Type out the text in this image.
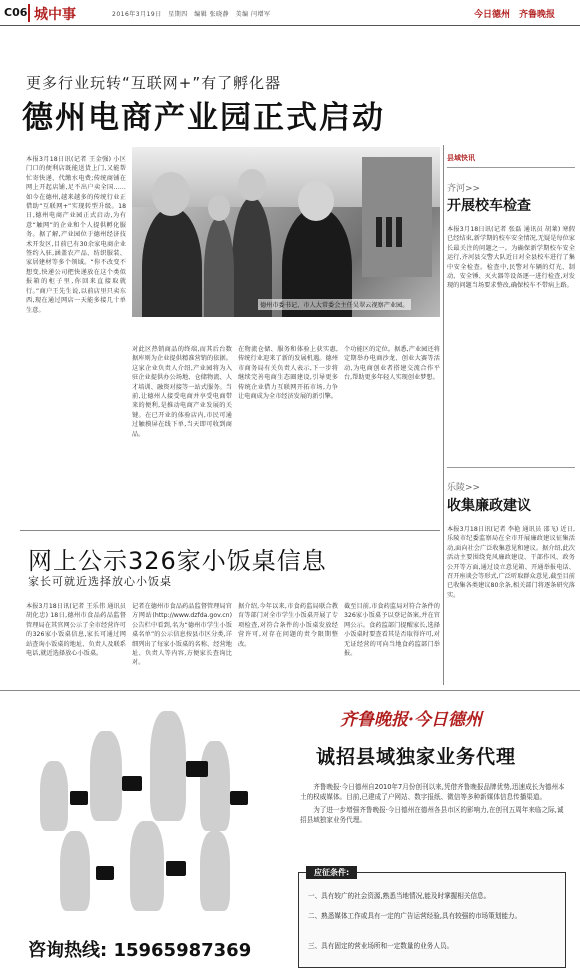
C06 城中事	2016年3月19日　星期四　编辑 张晓静　美编 闫增军	今日德州　齐鲁晚报
更多行业玩转“互联网+”有了孵化器
德州电商产业园正式启动
德州市委书记、市人大常委会主任吴翠云视察产业园。
本报3月18日讯(记者 王金强) 小区门口的便利店既能送货上门,又能帮忙寄快递、代缴水电费;传统商铺在网上开起店铺,足不出户卖全国……如今在德州,越来越多的传统行业正借助“互联网+”实现转型升级。18日,德州电商产业园正式启动,为有意“触网”的企业和个人提供孵化服务。据了解,产业园位于德州经济技术开发区,目前已有30余家电商企业签约入驻,涵盖农产品、纺织服装、家居建材等多个领域。“你不改变不想变,快递公司把快递放在这个类似报箱的柜子里,你回来直接取就行。”商户王先生说,以前店里只卖东西,现在通过网店一天能多接几十单生意。
对此区热销商品的终端,而其后台数据库则为企业提供精准营销的依据。这家企业负责人介绍,产业园将为入驻企业提供办公场地、仓储物流、人才培训、融资对接等一站式服务。当前,让德州人接受电商并享受电商带来的便利,是推动电商产业发展的关键。在已开业的体验店内,市民可通过触摸屏在线下单,当天即可收到商品。
在物流仓储、服务和体验上获实惠,传统行业迎来了新的发展机遇。德州市商务局有关负责人表示,下一步将继续完善电商生态圈建设,引导更多传统企业借力互联网开拓市场,力争让电商成为全市经济发展的新引擎。
个功能区的定位。据悉,产业园还将定期举办电商沙龙、创业大赛等活动,为电商创业者搭建交流合作平台,帮助更多年轻人实现创业梦想。
县域快讯
齐河>>
开展校车检查
本报3月18日讯(记者 张磊 通讯员 胡莱) 寒假已经结束,新学期的校车安全情况,无疑是每位家长最关注的问题之一。为确保新学期校车安全运行,齐河县交警大队近日对全县校车进行了集中安全检查。检查中,民警对车辆的灯光、制动、安全锤、灭火器等设备逐一进行检查,对发现的问题当场要求整改,确保校车不带病上路。
乐陵>>
收集廉政建议
本报3月18日讯(记者 李艳 通讯员 邵飞) 近日,乐陵市纪委监察局在全市开展廉政建议征集活动,面向社会广泛收集意见和建议。据介绍,此次活动主要围绕党风廉政建设、干部作风、政务公开等方面,通过设立意见箱、开通举报电话、召开座谈会等形式,广泛听取群众意见,截至目前已收集各类建议80余条,相关部门将逐条研究落实。
网上公示326家小饭桌信息
家长可就近选择放心小饭桌
本报3月18日讯(记者 王乐伟 通讯员 胡化忠) 18日,德州市食品药品监督管理局在其官网公示了全市经营许可的326家小饭桌信息,家长可通过网站查询小饭桌的地址、负责人及联系电话,就近选择放心小饭桌。
记者在德州市食品药品监督管理局官方网站(http://www.dzfda.gov.cn)公告栏中看到,名为“德州市学生小饭桌名单”的公示信息按县市区分类,详细列出了每家小饭桌的名称、经营地址、负责人等内容,方便家长查询比对。
据介绍,今年以来,市食药监局联合教育等部门对全市学生小饭桌开展了专项检查,对符合条件的小饭桌发放经营许可,对存在问题的责令限期整改。
截至目前,市食药监局对符合条件的326家小饭桌予以登记备案,并在官网公示。食药监部门提醒家长,选择小饭桌时要查看其是否取得许可,对无证经营的可向当地食药监部门举报。
齐鲁晚报·今日德州
诚招县域独家业务代理

齐鲁晚报·今日德州自2010年7月份创刊以来,凭借齐鲁晚报品牌优势,迅速成长为德州本土的权威媒体。目前,已建成了户网站、数字报纸、微信等多种新媒体信息传播渠道。

为了进一步增强齐鲁晚报·今日德州在德州各县市区的影响力,在创刊五周年来临之际,诚招县域独家业务代理。

应征条件:
一、具有较广的社会资源,熟悉当地情况,能及时掌握相关信息。
二、熟悉媒体工作或具有一定的广告运营经验,具有较强的市场策划能力。
三、具有固定的营业场所和一定数量的业务人员。
咨询热线: 15965987369
